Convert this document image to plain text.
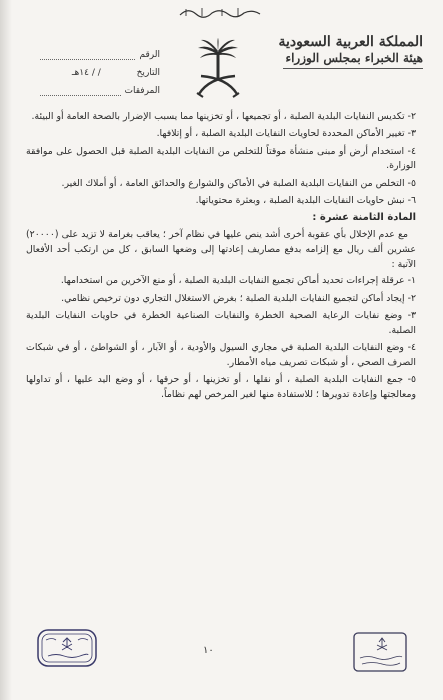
المملكة العربية السعودية
هيئة الخبراء بمجلس الوزراء
الرقم
التاريخ
/ / ١٤هـ
المرفقات

٢- تكديس النفايات البلدية الصلبة ، أو تجميعها ، أو تخزينها مما يسبب الإضرار بالصحة العامة أو البيئة.

٣- تغيير الأماكن المحددة لحاويات النفايات البلدية الصلبة ، أو إتلافها.

٤- استخدام أرض أو مبنى منشأة موقتاً للتخلص من النفايات البلدية الصلبة قبل الحصول على موافقة الوزارة.

٥- التخلص من النفايات البلدية الصلبة في الأماكن والشوارع والحدائق العامة ، أو أملاك الغير.

٦- نبش حاويات النفايات البلدية الصلبة ، وبعثرة محتوياتها.

المادة الثامنة عشرة :

مع عدم الإخلال بأي عقوبة أخرى أشد ينص عليها في نظام آخر ؛ يعاقب بغرامة لا تزيد على (٢٠٠٠٠) عشرين ألف ريال مع إلزامه بدفع مصاريف إعادتها إلى وضعها السابق ، كل من ارتكب أحد الأفعال الآتية :

١- عرقلة إجراءات تحديد أماكن تجميع النفايات البلدية الصلبة ، أو منع الآخرين من استخدامها.

٢- إيجاد أماكن لتجميع النفايات البلدية الصلبة ؛ بغرض الاستغلال التجاري دون ترخيص نظامي.

٣- وضع نفايات الرعاية الصحية الخطرة والنفايات الصناعية الخطرة في حاويات النفايات البلدية الصلبة.

٤- وضع النفايات البلدية الصلبة في مجاري السيول والأودية ، أو الآبار ، أو الشواطئ ، أو في شبكات الصرف الصحي ، أو شبكات تصريف مياه الأمطار.

٥- جمع النفايات البلدية الصلبة ، أو نقلها ، أو تخزينها ، أو حرقها ، أو وضع اليد عليها ، أو تداولها ومعالجتها وإعادة تدويرها ؛ للاستفادة منها لغير المرخص لهم نظاماً.

١٠
